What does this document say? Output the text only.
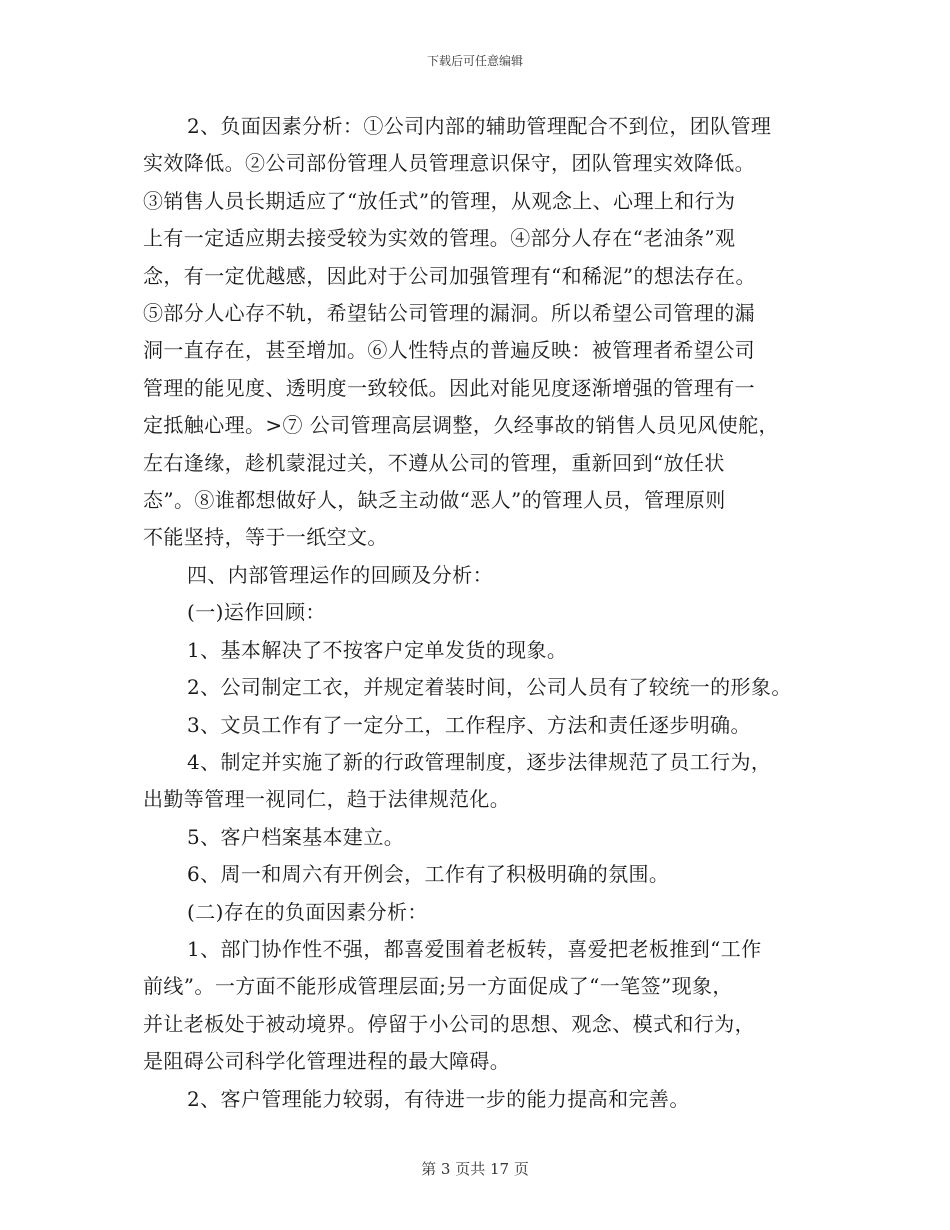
下载后可任意编辑

2、负面因素分析：①公司内部的辅助管理配合不到位，团队管理

实效降低。②公司部份管理人员管理意识保守，团队管理实效降低。

③销售人员长期适应了“放任式”的管理，从观念上、心理上和行为

上有一定适应期去接受较为实效的管理。④部分人存在“老油条”观

念，有一定优越感，因此对于公司加强管理有“和稀泥”的想法存在。

⑤部分人心存不轨，希望钻公司管理的漏洞。所以希望公司管理的漏

洞一直存在，甚至增加。⑥人性特点的普遍反映：被管理者希望公司

管理的能见度、透明度一致较低。因此对能见度逐渐增强的管理有一

定抵触心理。>⑦ 公司管理高层调整，久经事故的销售人员见风使舵，

左右逢缘，趁机蒙混过关，不遵从公司的管理，重新回到“放任状

态”。⑧谁都想做好人，缺乏主动做“恶人”的管理人员，管理原则

不能坚持，等于一纸空文。

四、内部管理运作的回顾及分析：

(一)运作回顾：

1、基本解决了不按客户定单发货的现象。

2、公司制定工衣，并规定着装时间，公司人员有了较统一的形象。

3、文员工作有了一定分工，工作程序、方法和责任逐步明确。

4、制定并实施了新的行政管理制度，逐步法律规范了员工行为，

出勤等管理一视同仁，趋于法律规范化。

5、客户档案基本建立。

6、周一和周六有开例会，工作有了积极明确的氛围。

(二)存在的负面因素分析：

1、部门协作性不强，都喜爱围着老板转，喜爱把老板推到“工作

前线”。一方面不能形成管理层面;另一方面促成了“一笔签”现象，

并让老板处于被动境界。停留于小公司的思想、观念、模式和行为，

是阻碍公司科学化管理进程的最大障碍。

2、客户管理能力较弱，有待进一步的能力提高和完善。

第 3 页共 17 页
